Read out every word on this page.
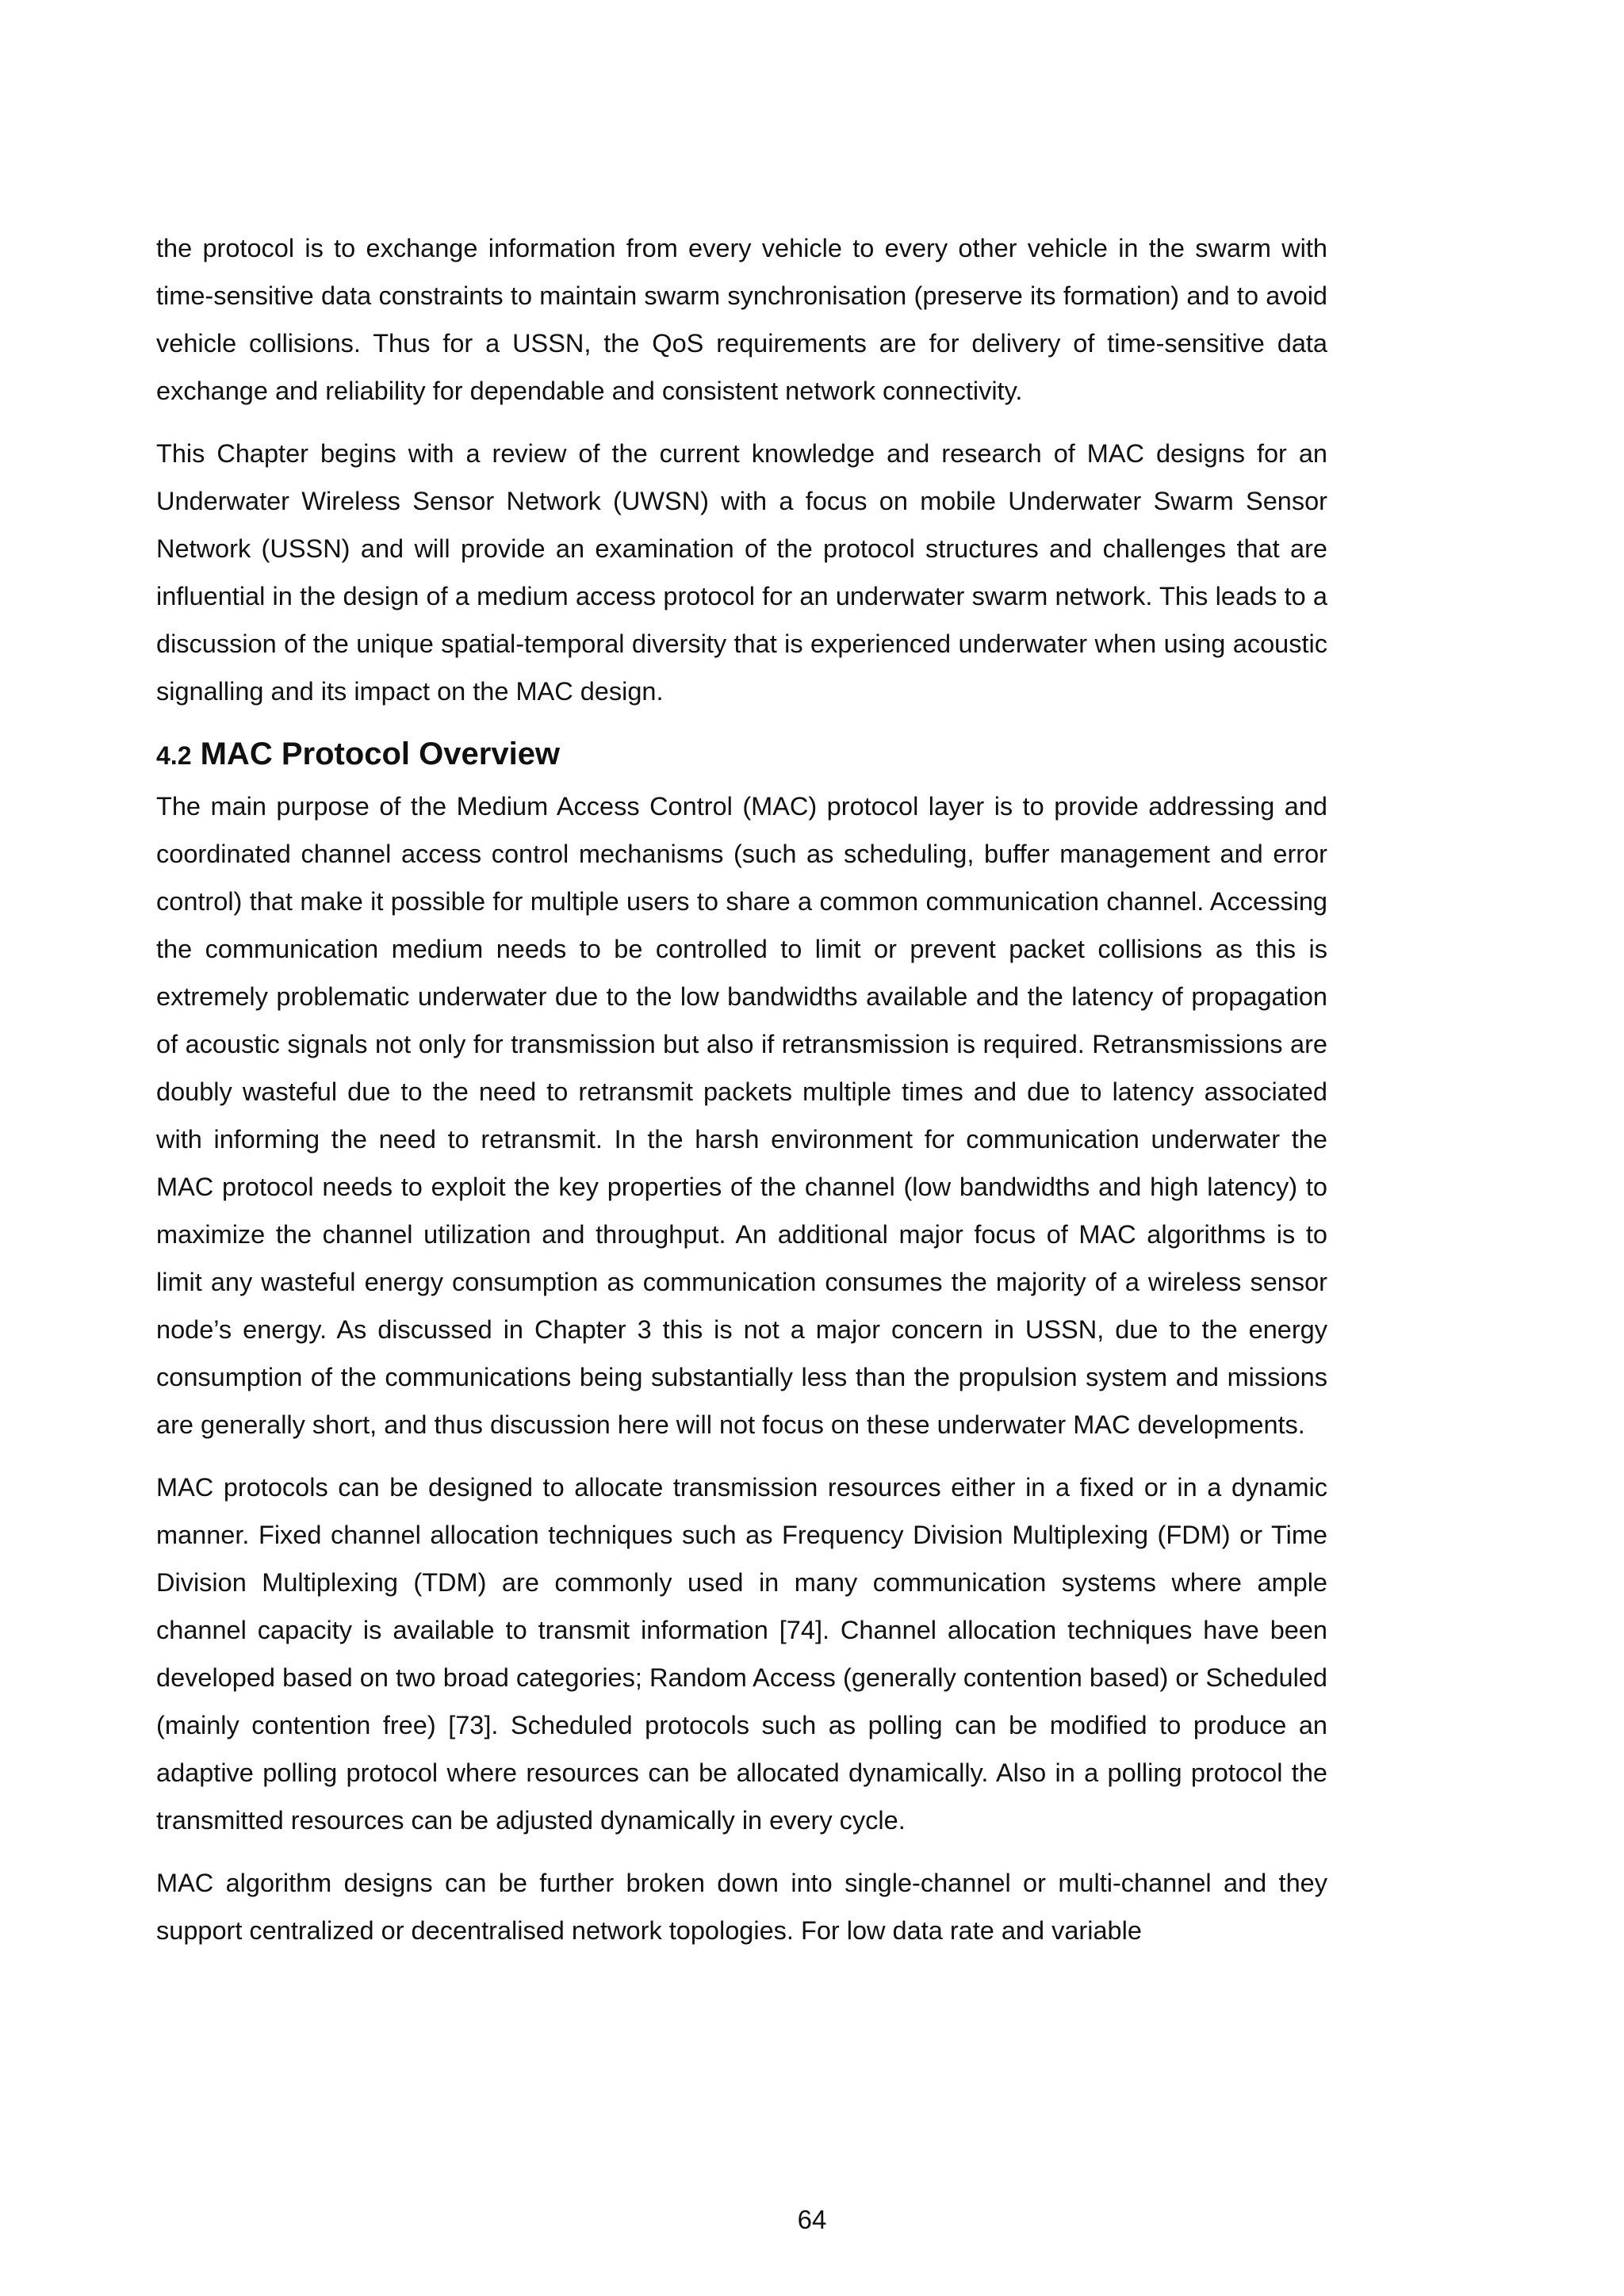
the protocol is to exchange information from every vehicle to every other vehicle in the swarm with time-sensitive data constraints to maintain swarm synchronisation (preserve its formation) and to avoid vehicle collisions. Thus for a USSN, the QoS requirements are for delivery of time-sensitive data exchange and reliability for dependable and consistent network connectivity.

This Chapter begins with a review of the current knowledge and research of MAC designs for an Underwater Wireless Sensor Network (UWSN) with a focus on mobile Underwater Swarm Sensor Network (USSN) and will provide an examination of the protocol structures and challenges that are influential in the design of a medium access protocol for an underwater swarm network. This leads to a discussion of the unique spatial-temporal diversity that is experienced underwater when using acoustic signalling and its impact on the MAC design.

4.2 MAC Protocol Overview

The main purpose of the Medium Access Control (MAC) protocol layer is to provide addressing and coordinated channel access control mechanisms (such as scheduling, buffer management and error control) that make it possible for multiple users to share a common communication channel. Accessing the communication medium needs to be controlled to limit or prevent packet collisions as this is extremely problematic underwater due to the low bandwidths available and the latency of propagation of acoustic signals not only for transmission but also if retransmission is required. Retransmissions are doubly wasteful due to the need to retransmit packets multiple times and due to latency associated with informing the need to retransmit. In the harsh environment for communication underwater the MAC protocol needs to exploit the key properties of the channel (low bandwidths and high latency) to maximize the channel utilization and throughput. An additional major focus of MAC algorithms is to limit any wasteful energy consumption as communication consumes the majority of a wireless sensor node’s energy. As discussed in Chapter 3 this is not a major concern in USSN, due to the energy consumption of the communications being substantially less than the propulsion system and missions are generally short, and thus discussion here will not focus on these underwater MAC developments.

MAC protocols can be designed to allocate transmission resources either in a fixed or in a dynamic manner. Fixed channel allocation techniques such as Frequency Division Multiplexing (FDM) or Time Division Multiplexing (TDM) are commonly used in many communication systems where ample channel capacity is available to transmit information [74]. Channel allocation techniques have been developed based on two broad categories; Random Access (generally contention based) or Scheduled (mainly contention free) [73]. Scheduled protocols such as polling can be modified to produce an adaptive polling protocol where resources can be allocated dynamically. Also in a polling protocol the transmitted resources can be adjusted dynamically in every cycle.

MAC algorithm designs can be further broken down into single-channel or multi-channel and they support centralized or decentralised network topologies. For low data rate and variable

64
